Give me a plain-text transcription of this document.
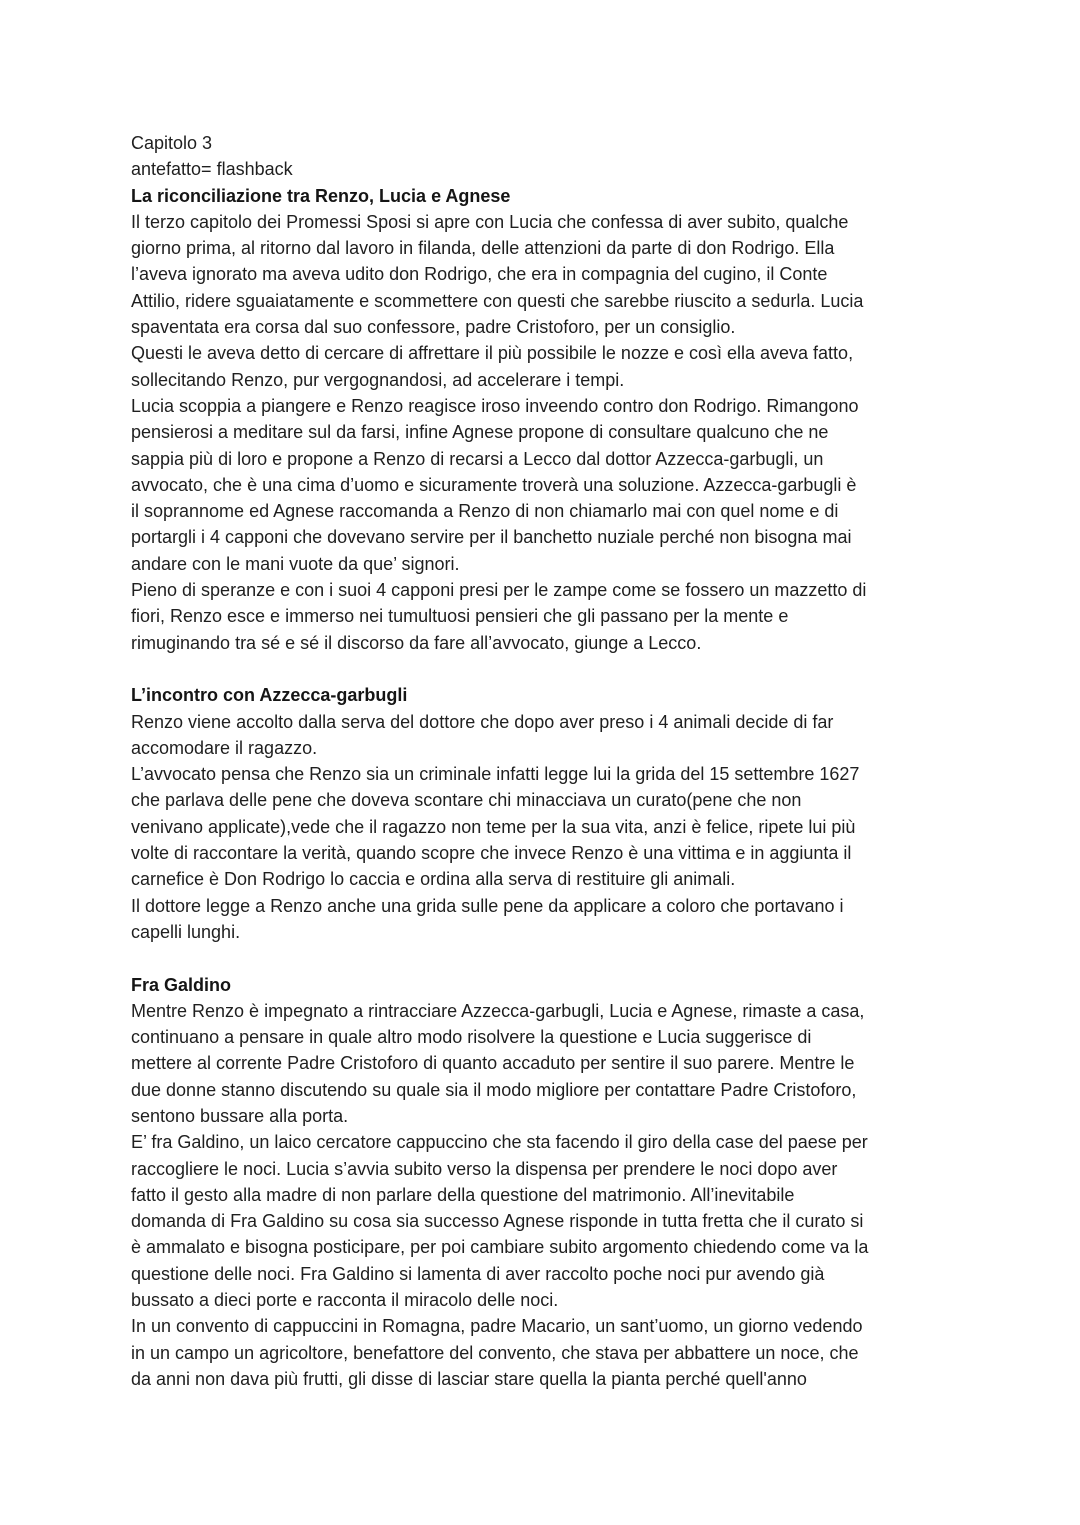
Capitolo 3
antefatto= flashback
La riconciliazione tra Renzo, Lucia e Agnese
Il terzo capitolo dei Promessi Sposi si apre con Lucia che confessa di aver subito, qualche
giorno prima, al ritorno dal lavoro in filanda, delle attenzioni da parte di don Rodrigo. Ella
l’aveva ignorato ma aveva udito don Rodrigo, che era in compagnia del cugino, il Conte
Attilio, ridere sguaiatamente e scommettere con questi che sarebbe riuscito a sedurla. Lucia
spaventata era corsa dal suo confessore, padre Cristoforo, per un consiglio.
Questi le aveva detto di cercare di affrettare il più possibile le nozze e così ella aveva fatto,
sollecitando Renzo, pur vergognandosi, ad accelerare i tempi.
Lucia scoppia a piangere e Renzo reagisce iroso inveendo contro don Rodrigo. Rimangono
pensierosi a meditare sul da farsi, infine Agnese propone di consultare qualcuno che ne
sappia più di loro e propone a Renzo di recarsi a Lecco dal dottor Azzecca-garbugli, un
avvocato, che è una cima d’uomo e sicuramente troverà una soluzione. Azzecca-garbugli è
il soprannome ed Agnese raccomanda a Renzo di non chiamarlo mai con quel nome e di
portargli i 4 capponi che dovevano servire per il banchetto nuziale perché non bisogna mai
andare con le mani vuote da que’ signori.
Pieno di speranze e con i suoi 4 capponi presi per le zampe come se fossero un mazzetto di
fiori, Renzo esce e immerso nei tumultuosi pensieri che gli passano per la mente e
rimuginando tra sé e sé il discorso da fare all’avvocato, giunge a Lecco.
L’incontro con Azzecca-garbugli
Renzo viene accolto dalla serva del dottore che dopo aver preso i 4 animali decide di far
accomodare il ragazzo.
L’avvocato pensa che Renzo sia un criminale infatti legge lui la grida del 15 settembre 1627
che parlava delle pene che doveva scontare chi minacciava un curato(pene che non
venivano applicate),vede che il ragazzo non teme per la sua vita, anzi è felice, ripete lui più
volte di raccontare la verità, quando scopre che invece Renzo è una vittima e in aggiunta il
carnefice è Don Rodrigo lo caccia e ordina alla serva di restituire gli animali.
Il dottore legge a Renzo anche una grida sulle pene da applicare a coloro che portavano i
capelli lunghi.
Fra Galdino
Mentre Renzo è impegnato a rintracciare Azzecca-garbugli, Lucia e Agnese, rimaste a casa,
continuano a pensare in quale altro modo risolvere la questione e Lucia suggerisce di
mettere al corrente Padre Cristoforo di quanto accaduto per sentire il suo parere. Mentre le
due donne stanno discutendo su quale sia il modo migliore per contattare Padre Cristoforo,
sentono bussare alla porta.
E’ fra Galdino, un laico cercatore cappuccino che sta facendo il giro della case del paese per
raccogliere le noci. Lucia s’avvia subito verso la dispensa per prendere le noci dopo aver
fatto il gesto alla madre di non parlare della questione del matrimonio. All’inevitabile
domanda di Fra Galdino su cosa sia successo Agnese risponde in tutta fretta che il curato si
è ammalato e bisogna posticipare, per poi cambiare subito argomento chiedendo come va la
questione delle noci. Fra Galdino si lamenta di aver raccolto poche noci pur avendo già
bussato a dieci porte e racconta il miracolo delle noci.
In un convento di cappuccini in Romagna, padre Macario, un sant’uomo, un giorno vedendo
in un campo un agricoltore, benefattore del convento, che stava per abbattere un noce, che
da anni non dava più frutti, gli disse di lasciar stare quella la pianta perché quell'anno
